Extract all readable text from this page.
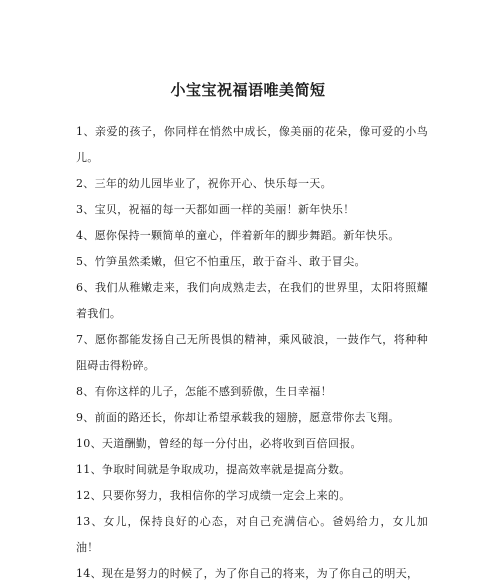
小宝宝祝福语唯美简短
1、亲爱的孩子，你同样在悄然中成长，像美丽的花朵，像可爱的小鸟儿。
2、三年的幼儿园毕业了，祝你开心、快乐每一天。
3、宝贝，祝福的每一天都如画一样的美丽！新年快乐！
4、愿你保持一颗简单的童心，伴着新年的脚步舞蹈。新年快乐。
5、竹笋虽然柔嫩，但它不怕重压，敢于奋斗、敢于冒尖。
6、我们从稚嫩走来，我们向成熟走去，在我们的世界里，太阳将照耀着我们。
7、愿你都能发扬自己无所畏惧的精神，乘风破浪，一鼓作气，将种种阻碍击得粉碎。
8、有你这样的儿子，怎能不感到骄傲，生日幸福！
9、前面的路还长，你却让希望承载我的翅膀，愿意带你去飞翔。
10、天道酬勤，曾经的每一分付出，必将收到百倍回报。
11、争取时间就是争取成功，提高效率就是提高分数。
12、只要你努力，我相信你的学习成绩一定会上来的。
13、女儿，保持良好的心态，对自己充满信心。爸妈给力，女儿加油！
14、现在是努力的时候了，为了你自己的将来，为了你自己的明天，
